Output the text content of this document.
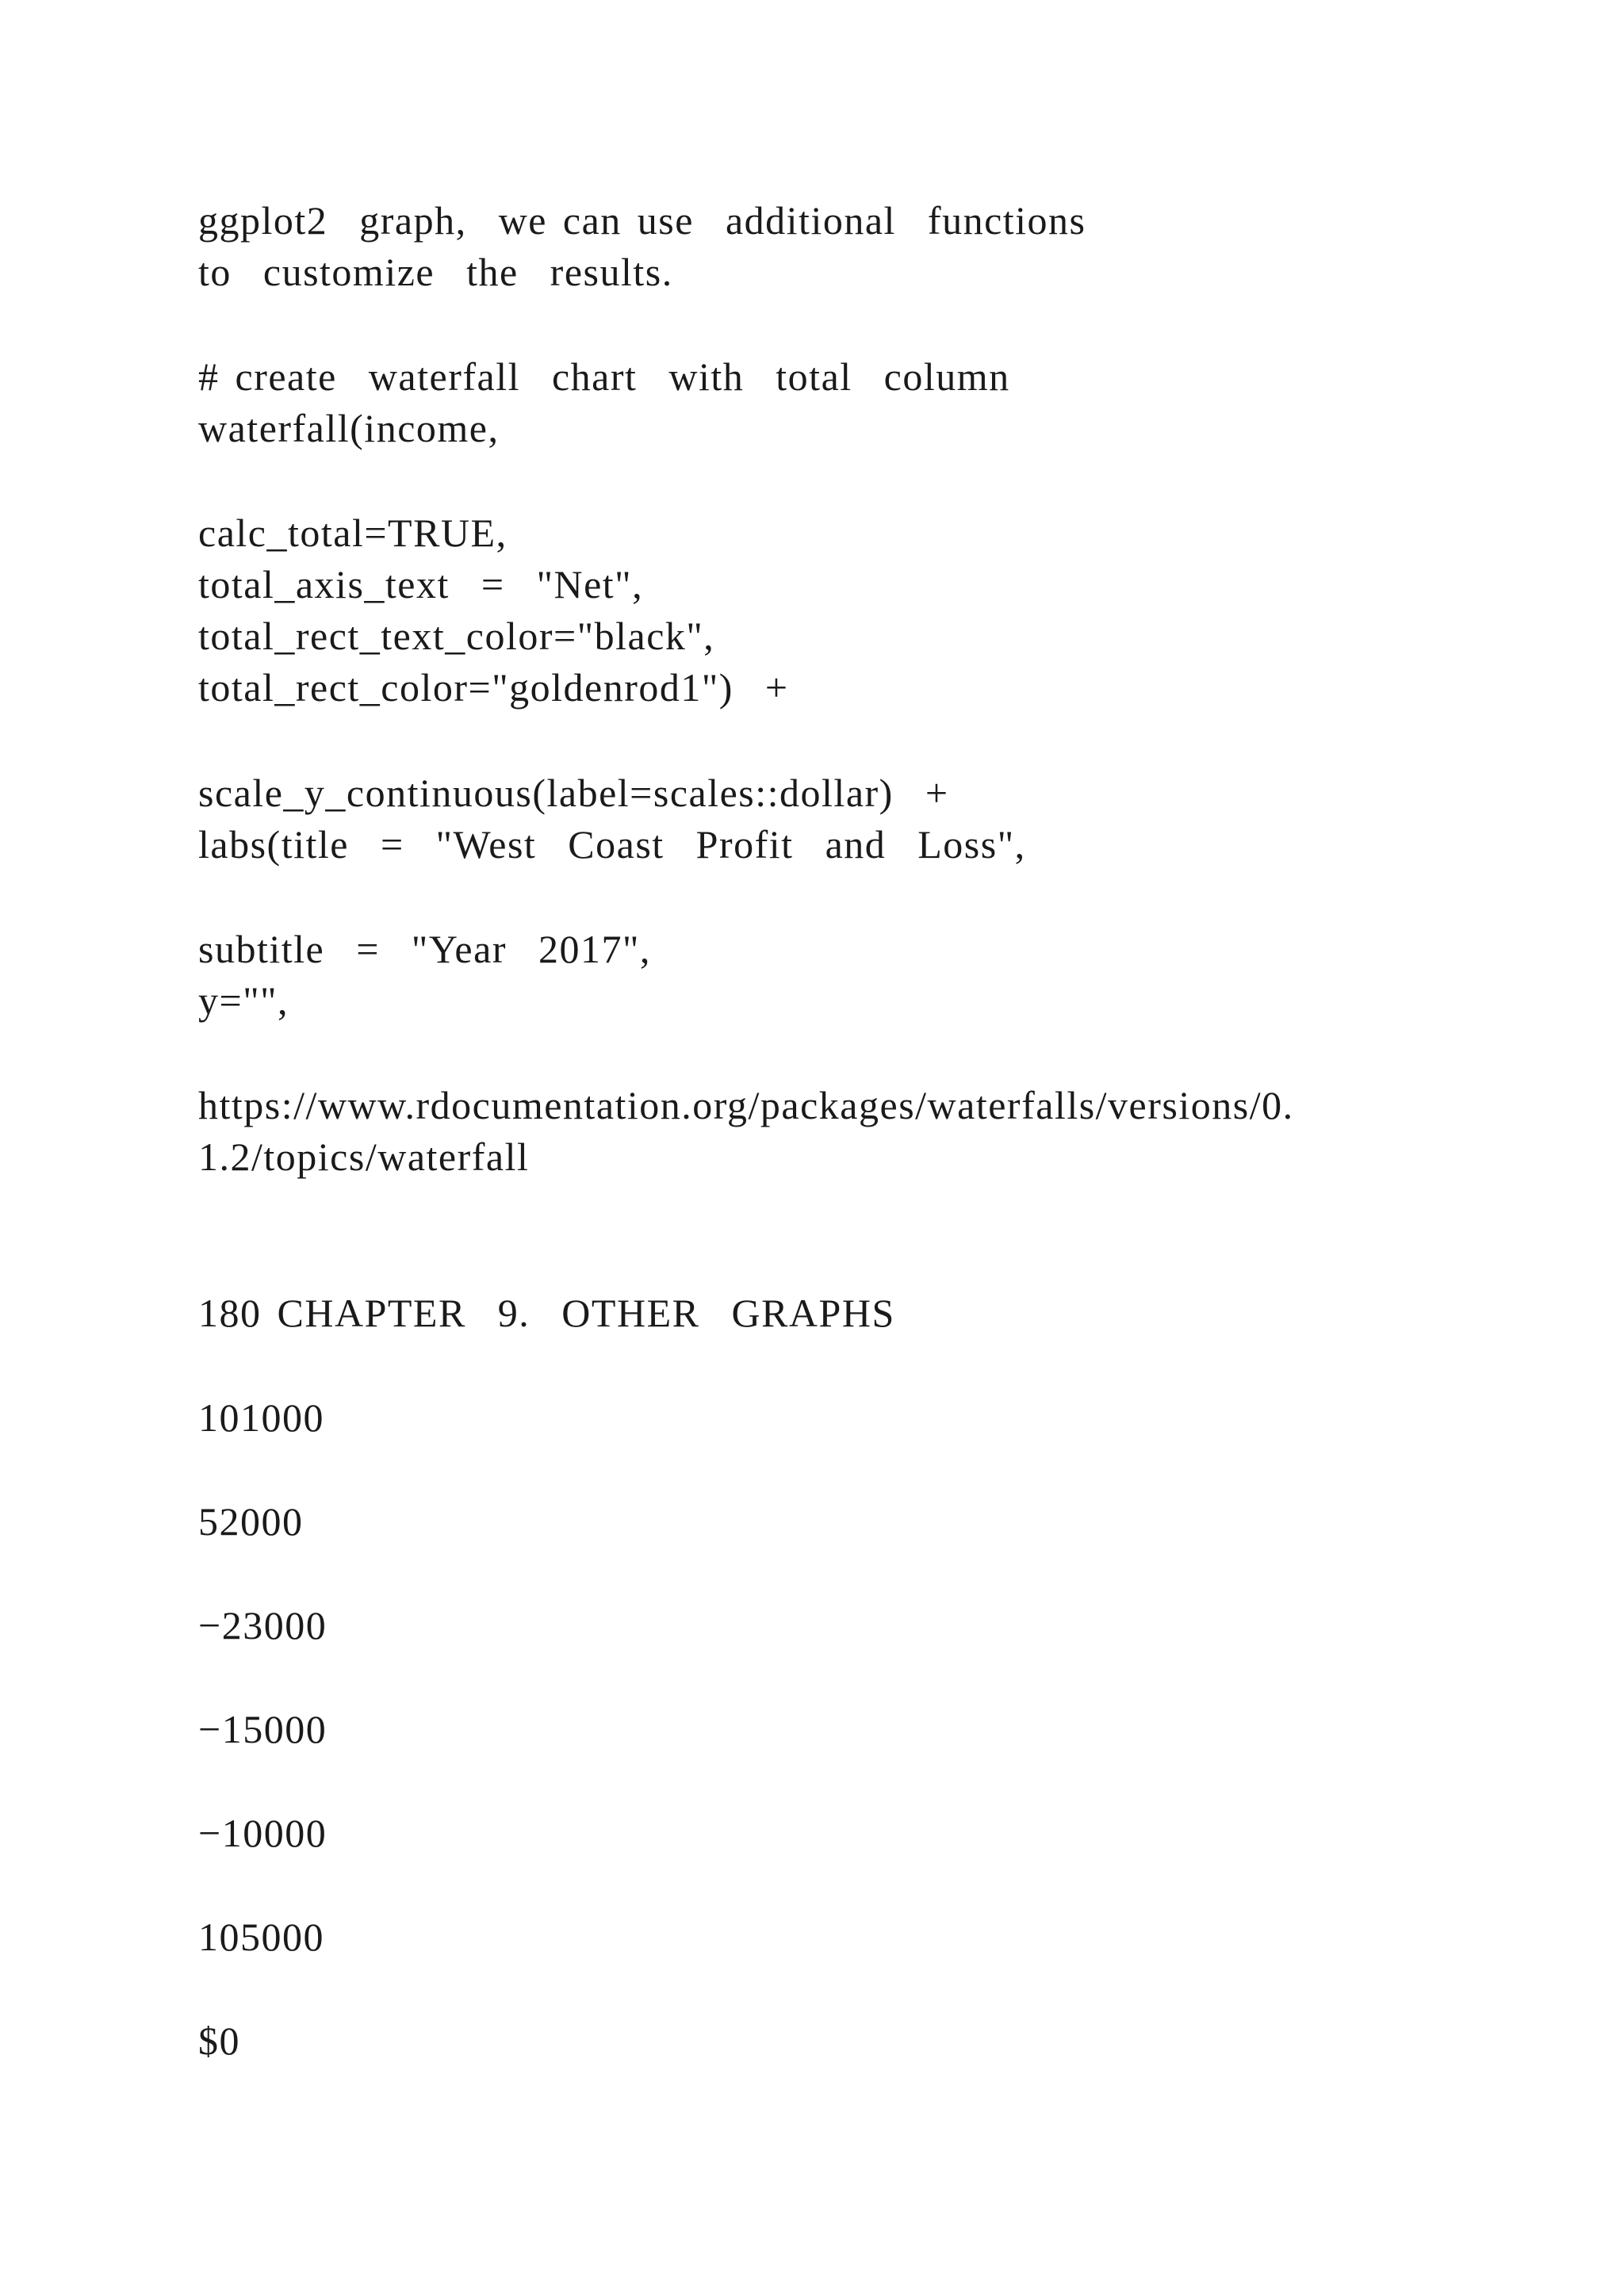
ggplot2  graph,  we can use  additional  functions
to  customize  the  results.
# create  waterfall  chart  with  total  column
waterfall(income,
calc_total=TRUE,
total_axis_text  =  "Net",
total_rect_text_color="black",
total_rect_color="goldenrod1")  +
scale_y_continuous(label=scales::dollar)  +
labs(title  =  "West  Coast  Profit  and  Loss",
subtitle  =  "Year  2017",
y="",
https://www.rdocumentation.org/packages/waterfalls/versions/0.
1.2/topics/waterfall
180 CHAPTER  9.  OTHER  GRAPHS
101000
52000
−23000
−15000
−10000
105000
$0
